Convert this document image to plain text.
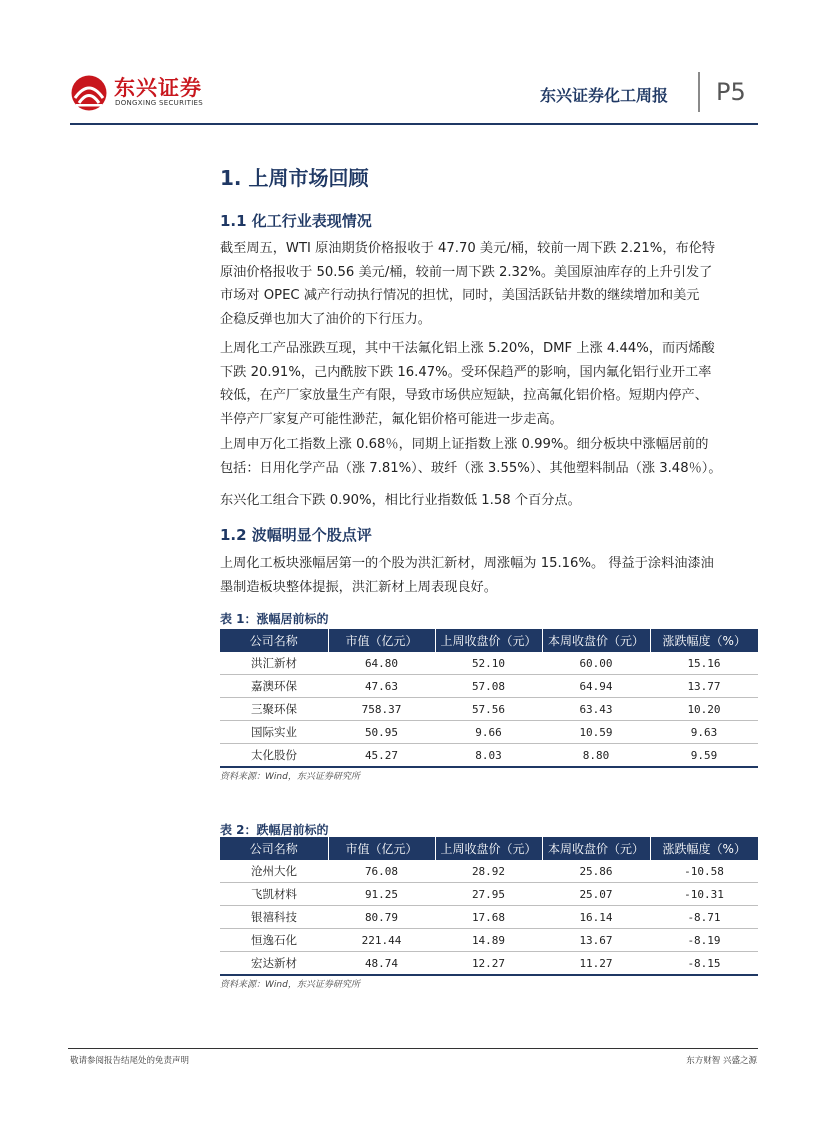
东兴证券
DONGXING SECURITIES	东兴证券化工周报 P5
1. 上周市场回顾
1.1 化工行业表现情况
截至周五，WTI 原油期货价格报收于 47.70 美元/桶，较前一周下跌 2.21%，布伦特
原油价格报收于 50.56 美元/桶，较前一周下跌 2.32%。美国原油库存的上升引发了
市场对 OPEC 减产行动执行情况的担忧，同时，美国活跃钻井数的继续增加和美元
企稳反弹也加大了油价的下行压力。
上周化工产品涨跌互现，其中干法氟化铝上涨 5.20%，DMF 上涨 4.44%，而丙烯酸
下跌 20.91%，己内酰胺下跌 16.47%。受环保趋严的影响，国内氟化铝行业开工率
较低，在产厂家放量生产有限，导致市场供应短缺，拉高氟化铝价格。短期内停产、
半停产厂家复产可能性渺茫，氟化铝价格可能进一步走高。
上周申万化工指数上涨 0.68％，同期上证指数上涨 0.99%。细分板块中涨幅居前的
包括：日用化学产品（涨 7.81%）、玻纤（涨 3.55%）、其他塑料制品（涨 3.48％）。
东兴化工组合下跌 0.90%，相比行业指数低 1.58 个百分点。
1.2 波幅明显个股点评
上周化工板块涨幅居第一的个股为洪汇新材，周涨幅为 15.16%。 得益于涂料油漆油
墨制造板块整体提振，洪汇新材上周表现良好。
表 1：涨幅居前标的
公司名称	市值（亿元）	上周收盘价（元）	本周收盘价（元）	涨跌幅度（%）
洪汇新材	64.80	52.10	60.00	15.16
嘉澳环保	47.63	57.08	64.94	13.77
三聚环保	758.37	57.56	63.43	10.20
国际实业	50.95	9.66	10.59	9.63
太化股份	45.27	8.03	8.80	9.59
资料来源：Wind，东兴证券研究所
表 2：跌幅居前标的
公司名称	市值（亿元）	上周收盘价（元）	本周收盘价（元）	涨跌幅度（%）
沧州大化	76.08	28.92	25.86	-10.58
飞凯材料	91.25	27.95	25.07	-10.31
银禧科技	80.79	17.68	16.14	-8.71
恒逸石化	221.44	14.89	13.67	-8.19
宏达新材	48.74	12.27	11.27	-8.15
资料来源：Wind，东兴证券研究所
敬请参阅报告结尾处的免责声明	东方财智 兴盛之源
